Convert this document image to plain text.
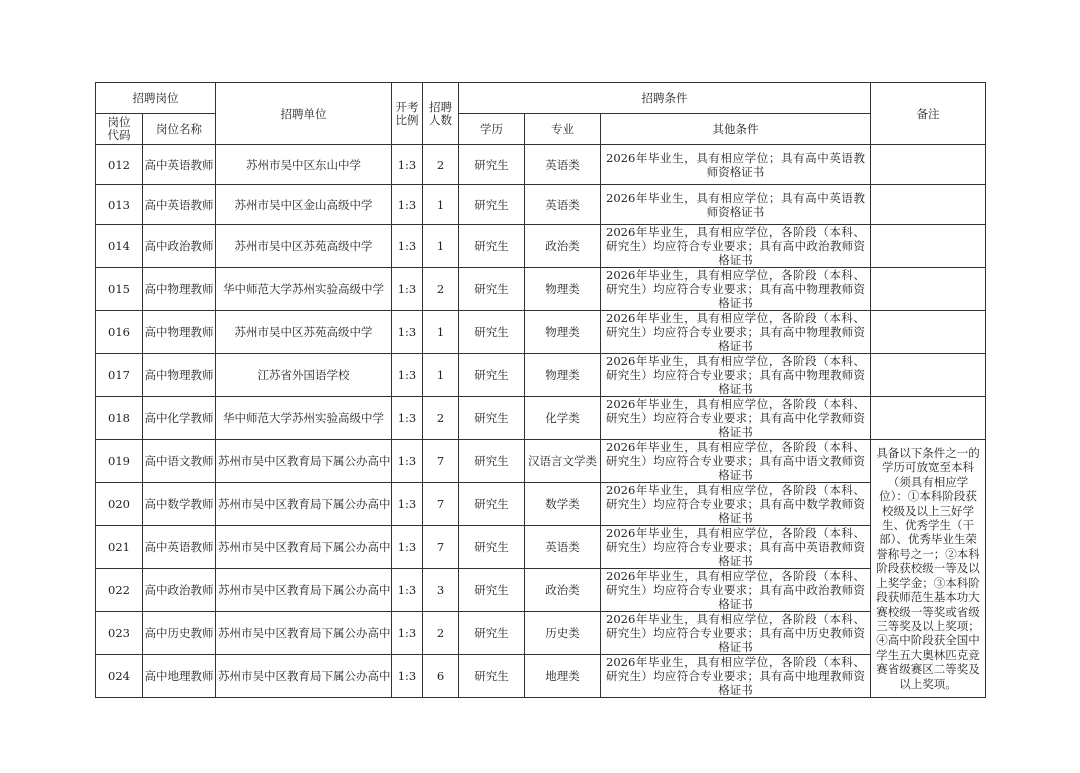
招聘岗位		招聘单位	开考比例	招聘人数	招聘条件			备注
岗位代码	岗位名称				学历	专业	其他条件	
012	高中英语教师	苏州市吴中区东山中学	1:3	2	研究生	英语类	2026年毕业生，具有相应学位；具有高中英语教师资格证书	
013	高中英语教师	苏州市吴中区金山高级中学	1:3	1	研究生	英语类	2026年毕业生，具有相应学位；具有高中英语教师资格证书	
014	高中政治教师	苏州市吴中区苏苑高级中学	1:3	1	研究生	政治类	2026年毕业生，具有相应学位，各阶段（本科、研究生）均应符合专业要求；具有高中政治教师资格证书	
015	高中物理教师	华中师范大学苏州实验高级中学	1:3	2	研究生	物理类	2026年毕业生，具有相应学位，各阶段（本科、研究生）均应符合专业要求；具有高中物理教师资格证书	
016	高中物理教师	苏州市吴中区苏苑高级中学	1:3	1	研究生	物理类	2026年毕业生，具有相应学位，各阶段（本科、研究生）均应符合专业要求；具有高中物理教师资格证书	
017	高中物理教师	江苏省外国语学校	1:3	1	研究生	物理类	2026年毕业生，具有相应学位，各阶段（本科、研究生）均应符合专业要求；具有高中物理教师资格证书	
018	高中化学教师	华中师范大学苏州实验高级中学	1:3	2	研究生	化学类	2026年毕业生，具有相应学位，各阶段（本科、研究生）均应符合专业要求；具有高中化学教师资格证书	
019	高中语文教师	苏州市吴中区教育局下属公办高中	1:3	7	研究生	汉语言文学类	2026年毕业生，具有相应学位，各阶段（本科、研究生）均应符合专业要求；具有高中语文教师资格证书	具备以下条件之一的学历可放宽至本科（须具有相应学位）：①本科阶段获校级及以上三好学生、优秀学生（干部）、优秀毕业生荣誉称号之一；②本科阶段获校级一等及以上奖学金；③本科阶段获师范生基本功大赛校级一等奖或省级三等奖及以上奖项；④高中阶段获全国中学生五大奥林匹克竞赛省级赛区二等奖及以上奖项。
020	高中数学教师	苏州市吴中区教育局下属公办高中	1:3	7	研究生	数学类	2026年毕业生，具有相应学位，各阶段（本科、研究生）均应符合专业要求；具有高中数学教师资格证书	
021	高中英语教师	苏州市吴中区教育局下属公办高中	1:3	7	研究生	英语类	2026年毕业生，具有相应学位，各阶段（本科、研究生）均应符合专业要求；具有高中英语教师资格证书	
022	高中政治教师	苏州市吴中区教育局下属公办高中	1:3	3	研究生	政治类	2026年毕业生，具有相应学位，各阶段（本科、研究生）均应符合专业要求；具有高中政治教师资格证书	
023	高中历史教师	苏州市吴中区教育局下属公办高中	1:3	2	研究生	历史类	2026年毕业生，具有相应学位，各阶段（本科、研究生）均应符合专业要求；具有高中历史教师资格证书	
024	高中地理教师	苏州市吴中区教育局下属公办高中	1:3	6	研究生	地理类	2026年毕业生，具有相应学位，各阶段（本科、研究生）均应符合专业要求；具有高中地理教师资格证书	
